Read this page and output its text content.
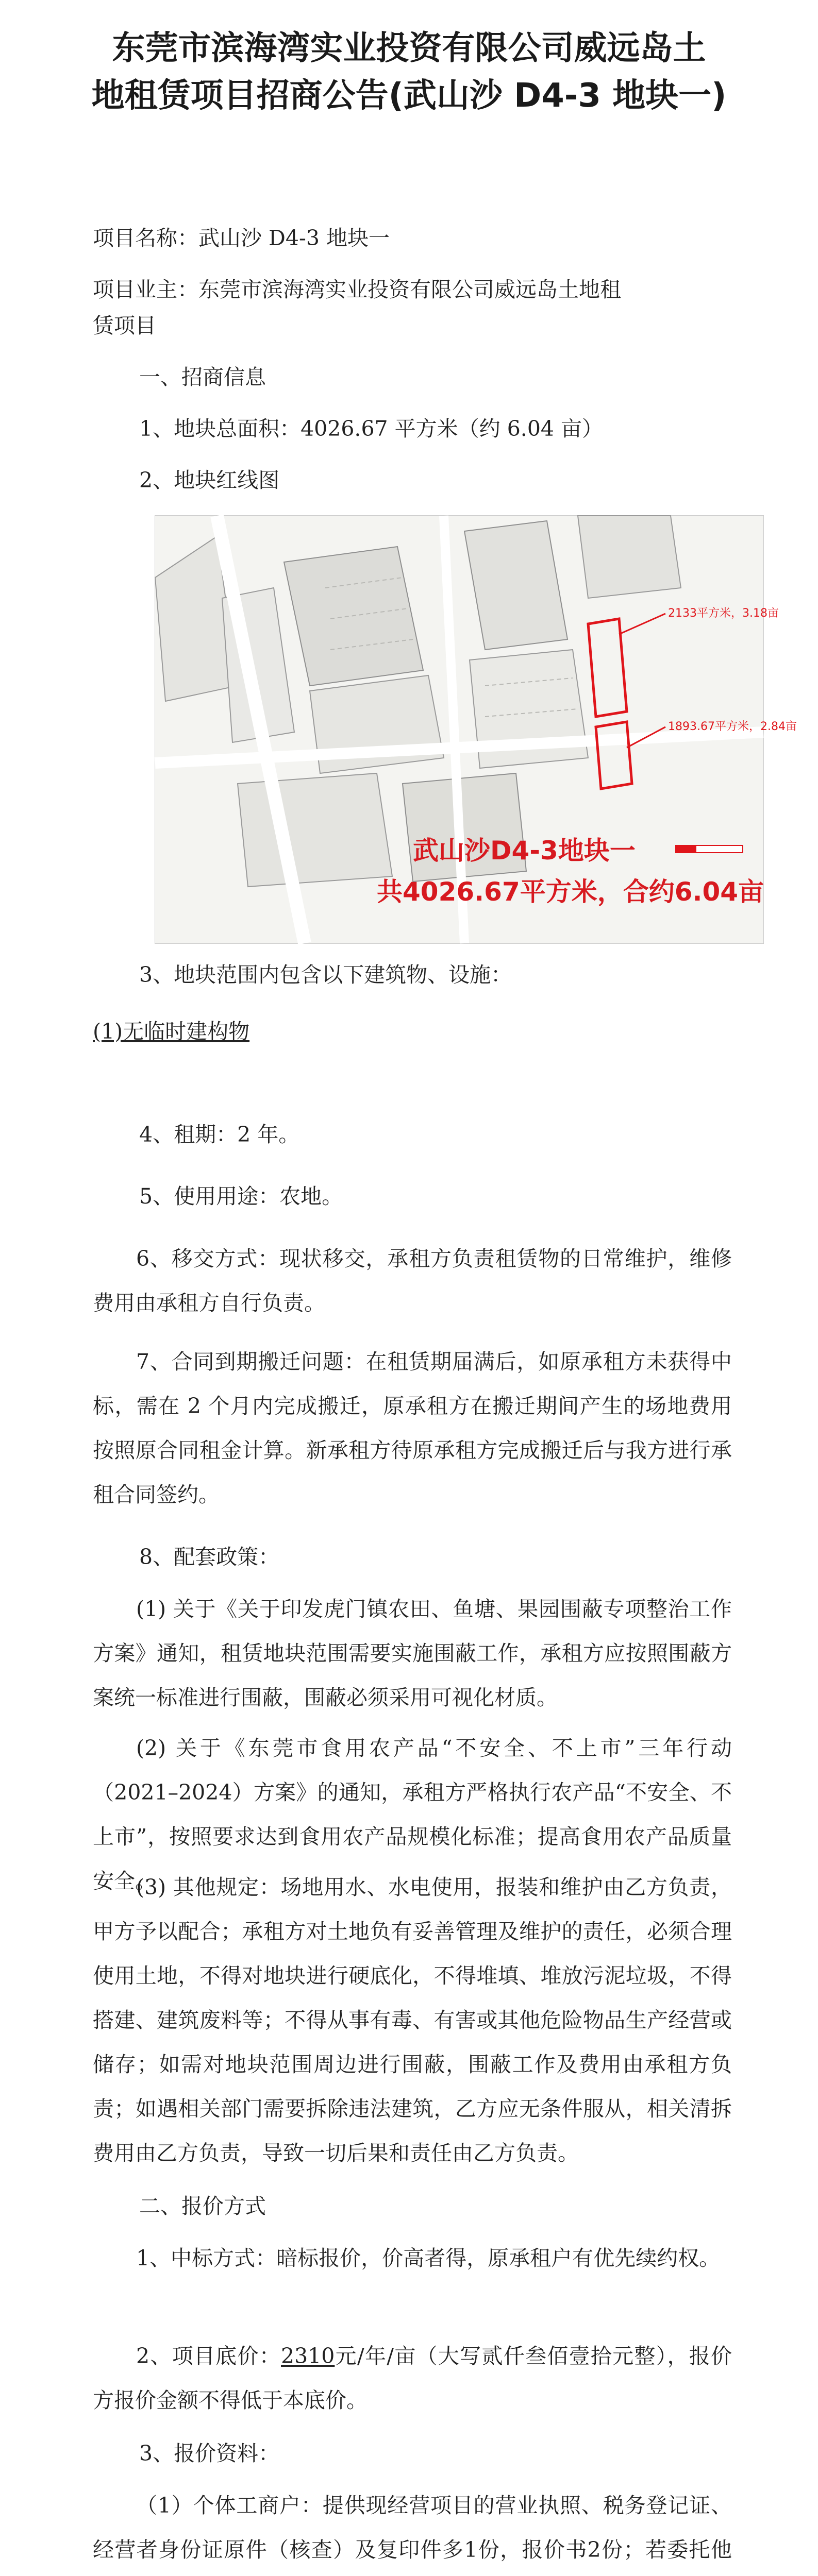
东莞市滨海湾实业投资有限公司威远岛土
地租赁项目招商公告(武山沙 D4-3 地块一)

项目名称：武山沙 D4-3 地块一

项目业主：东莞市滨海湾实业投资有限公司威远岛土地租

赁项目

一、招商信息

1、地块总面积：4026.67 平方米（约 6.04 亩）

2、地块红线图

2133平方米，3.18亩
1893.67平方米，2.84亩
武山沙D4-3地块一
共4026.67平方米，合约6.04亩

3、地块范围内包含以下建筑物、设施：

(1)无临时建构物

4、租期：2 年。

5、使用用途：农地。

6、移交方式：现状移交，承租方负责租赁物的日常维护，维修费用由承租方自行负责。

7、合同到期搬迁问题：在租赁期届满后，如原承租方未获得中标，需在 2 个月内完成搬迁，原承租方在搬迁期间产生的场地费用按照原合同租金计算。新承租方待原承租方完成搬迁后与我方进行承租合同签约。

8、配套政策：

(1) 关于《关于印发虎门镇农田、鱼塘、果园围蔽专项整治工作方案》通知，租赁地块范围需要实施围蔽工作，承租方应按照围蔽方案统一标准进行围蔽，围蔽必须采用可视化材质。

(2) 关于《东莞市食用农产品“不安全、不上市”三年行动（2021–2024）方案》的通知，承租方严格执行农产品“不安全、不上市”，按照要求达到食用农产品规模化标准；提高食用农产品质量安全。

(3) 其他规定：场地用水、水电使用，报装和维护由乙方负责，甲方予以配合；承租方对土地负有妥善管理及维护的责任，必须合理使用土地，不得对地块进行硬底化，不得堆填、堆放污泥垃圾，不得搭建、建筑废料等；不得从事有毒、有害或其他危险物品生产经营或储存；如需对地块范围周边进行围蔽，围蔽工作及费用由承租方负责；如遇相关部门需要拆除违法建筑，乙方应无条件服从，相关清拆费用由乙方负责，导致一切后果和责任由乙方负责。

二、报价方式

1、中标方式：暗标报价，价高者得，原承租户有优先续约权。

2、项目底价：2310元/年/亩（大写贰仟叁佰壹拾元整），报价方报价金额不得低于本底价。

3、报价资料：

（1）个体工商户：提供现经营项目的营业执照、税务登记证、经营者身份证原件（核查）及复印件多1份，报价书2份；若委托他
